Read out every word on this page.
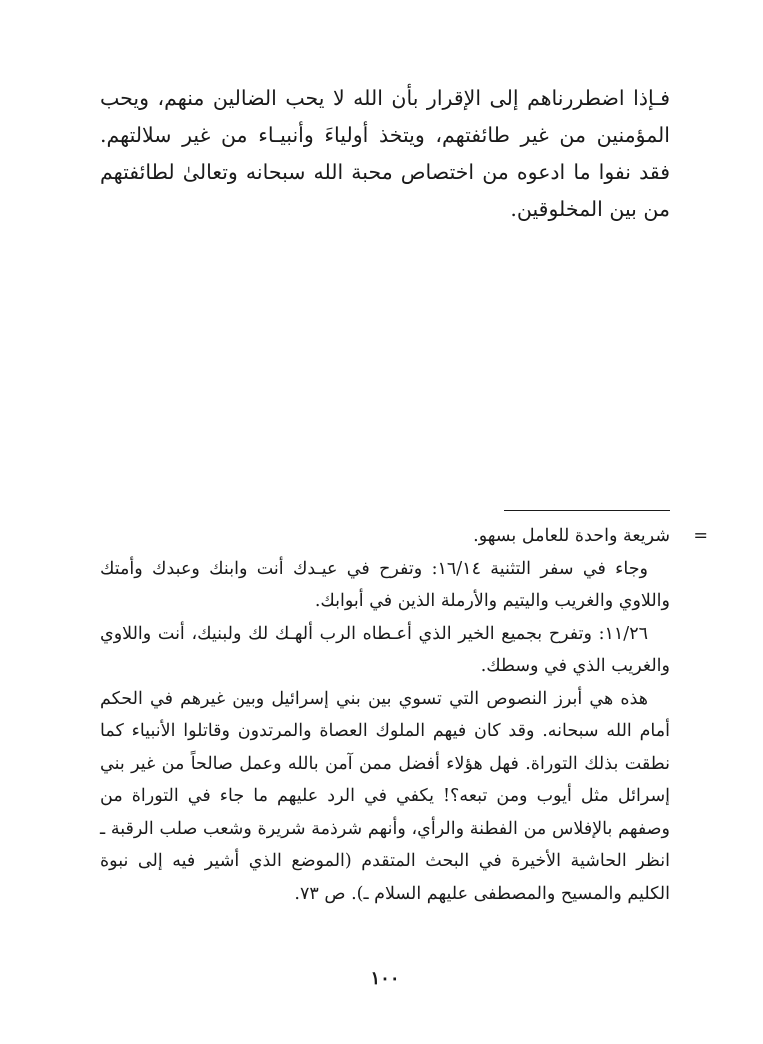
فـإذا اضطررناهم إلى الإقرار بأن الله لا يحب الضالين منهم، ويحب المؤمنين من غير طائفتهم، ويتخذ أولياءَ وأنبيـاء من غير سلالتهم. فقد نفوا ما ادعوه من اختصاص محبة الله سبحانه وتعالىٰ لطائفتهم من بين المخلوقين.

=
شريعة واحدة للعامل بسهو.

وجاء في سفر التثنية ١٦/١٤: وتفرح في عيـدك أنت وابنك وعبدك وأمتك واللاوي والغريب واليتيم والأرملة الذين في أبوابك.

١١/٢٦: وتفرح بجميع الخير الذي أعـطاه الرب ألهـك لك ولبنيك، أنت واللاوي والغريب الذي في وسطك.

هذه هي أبرز النصوص التي تسوي بين بني إسرائيل وبين غيرهم في الحكم أمام الله سبحانه. وقد كان فيهم الملوك العصاة والمرتدون وقاتلوا الأنبياء كما نطقت بذلك التوراة. فهل هؤلاء أفضل ممن آمن بالله وعمل صالحاً من غير بني إسرائل مثل أيوب ومن تبعه؟! يكفي في الرد عليهم ما جاء في التوراة من وصفهم بالإفلاس من الفطنة والرأي، وأنهم شرذمة شريرة وشعب صلب الرقبة ـ انظر الحاشية الأخيرة في البحث المتقدم (الموضع الذي أشير فيه إلى نبوة الكليم والمسيح والمصطفى عليهم السلام ـ). ص ٧٣.

١٠٠
